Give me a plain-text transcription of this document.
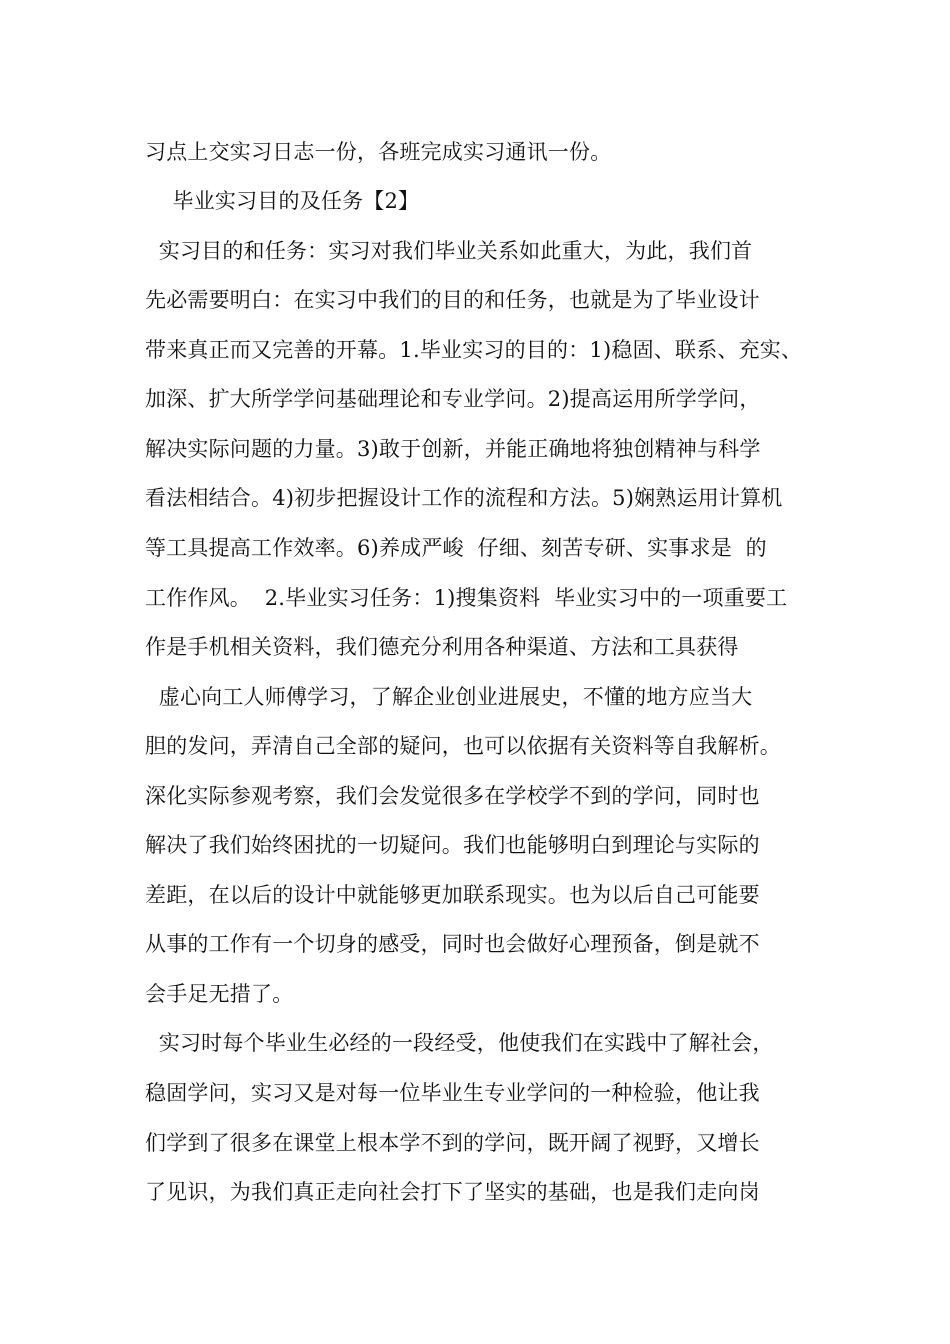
习点上交实习日志一份，各班完成实习通讯一份。
毕业实习目的及任务【2】
实习目的和任务：实习对我们毕业关系如此重大，为此，我们首
先必需要明白：在实习中我们的目的和任务，也就是为了毕业设计
带来真正而又完善的开幕。1.毕业实习的目的：1)稳固、联系、充实、
加深、扩大所学学问基础理论和专业学问。2)提高运用所学学问，
解决实际问题的力量。3)敢于创新，并能正确地将独创精神与科学
看法相结合。4)初步把握设计工作的流程和方法。5)娴熟运用计算机
等工具提高工作效率。6)养成严峻  仔细、刻苦专研、实事求是  的
工作作风。  2.毕业实习任务：1)搜集资料  毕业实习中的一项重要工
作是手机相关资料，我们德充分利用各种渠道、方法和工具获得
虚心向工人师傅学习，了解企业创业进展史，不懂的地方应当大
胆的发问，弄清自己全部的疑问，也可以依据有关资料等自我解析。
深化实际参观考察，我们会发觉很多在学校学不到的学问，同时也
解决了我们始终困扰的一切疑问。我们也能够明白到理论与实际的
差距，在以后的设计中就能够更加联系现实。也为以后自己可能要
从事的工作有一个切身的感受，同时也会做好心理预备，倒是就不
会手足无措了。
实习时每个毕业生必经的一段经受，他使我们在实践中了解社会，
稳固学问，实习又是对每一位毕业生专业学问的一种检验，他让我
们学到了很多在课堂上根本学不到的学问，既开阔了视野，又增长
了见识，为我们真正走向社会打下了坚实的基础，也是我们走向岗
